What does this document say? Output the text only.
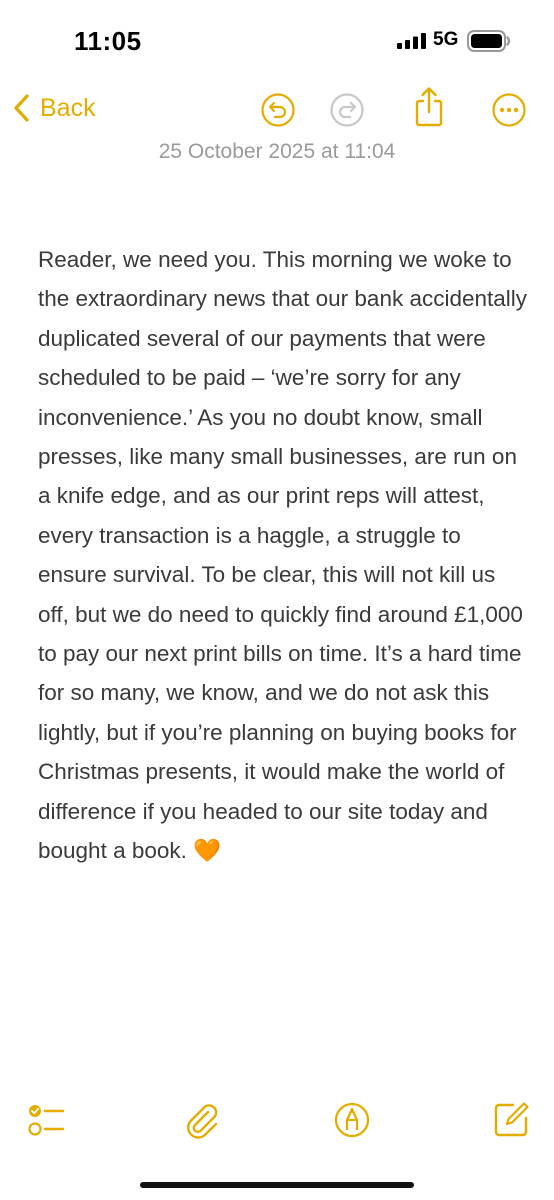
11:05	5G
Back
25 October 2025 at 11:04

Reader, we need you. This morning we woke to the extraordinary news that our bank accidentally duplicated several of our payments that were scheduled to be paid – ‘we’re sorry for any inconvenience.’ As you no doubt know, small presses, like many small businesses, are run on a knife edge, and as our print reps will attest, every transaction is a haggle, a struggle to ensure survival. To be clear, this will not kill us off, but we do need to quickly find around £1,000 to pay our next print bills on time. It’s a hard time for so many, we know, and we do not ask this lightly, but if you’re planning on buying books for Christmas presents, it would make the world of difference if you headed to our site today and bought a book. 🧡
